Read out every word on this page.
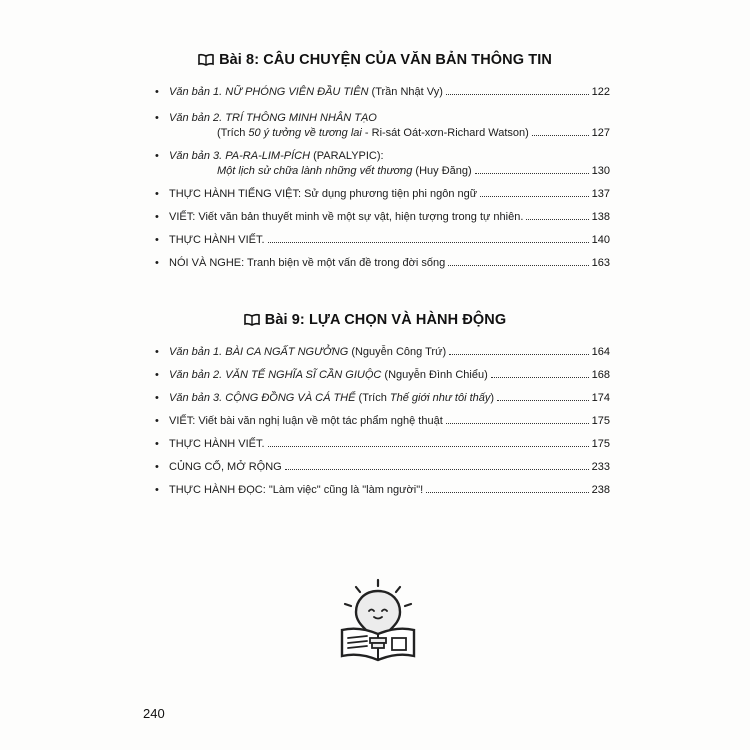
Bài 8: CÂU CHUYỆN CỦA VĂN BẢN THÔNG TIN
• Văn bản 1. NỮ PHÓNG VIÊN ĐẦU TIÊN (Trần Nhật Vy)	122
• Văn bản 2. TRÍ THÔNG MINH NHÂN TẠO
(Trích 50 ý tưởng về tương lai - Ri-sát Oát-xơn-Richard Watson)	127
• Văn bản 3. PA-RA-LIM-PÍCH (PARALYPIC):
Một lịch sử chữa lành những vết thương (Huy Đăng)	130
• THỰC HÀNH TIẾNG VIỆT: Sử dụng phương tiện phi ngôn ngữ	137
• VIẾT: Viết văn bản thuyết minh về một sự vật, hiện tượng trong tự nhiên.	138
• THỰC HÀNH VIẾT.	140
• NÓI VÀ NGHE: Tranh biện về một vấn đề trong đời sống	163
Bài 9: LỰA CHỌN VÀ HÀNH ĐỘNG
• Văn bản 1. BÀI CA NGẤT NGƯỞNG (Nguyễn Công Trứ)	164
• Văn bản 2. VĂN TẾ NGHĨA SĨ CẦN GIUỘC (Nguyễn Đình Chiểu)	168
• Văn bản 3. CỘNG ĐỒNG VÀ CÁ THỂ (Trích Thế giới như tôi thấy)	174
• VIẾT: Viết bài văn nghị luận về một tác phẩm nghệ thuật	175
• THỰC HÀNH VIẾT.	175
• CỦNG CỐ, MỞ RỘNG	233
• THỰC HÀNH ĐỌC: "Làm việc" cũng là "làm người"!	238
240
